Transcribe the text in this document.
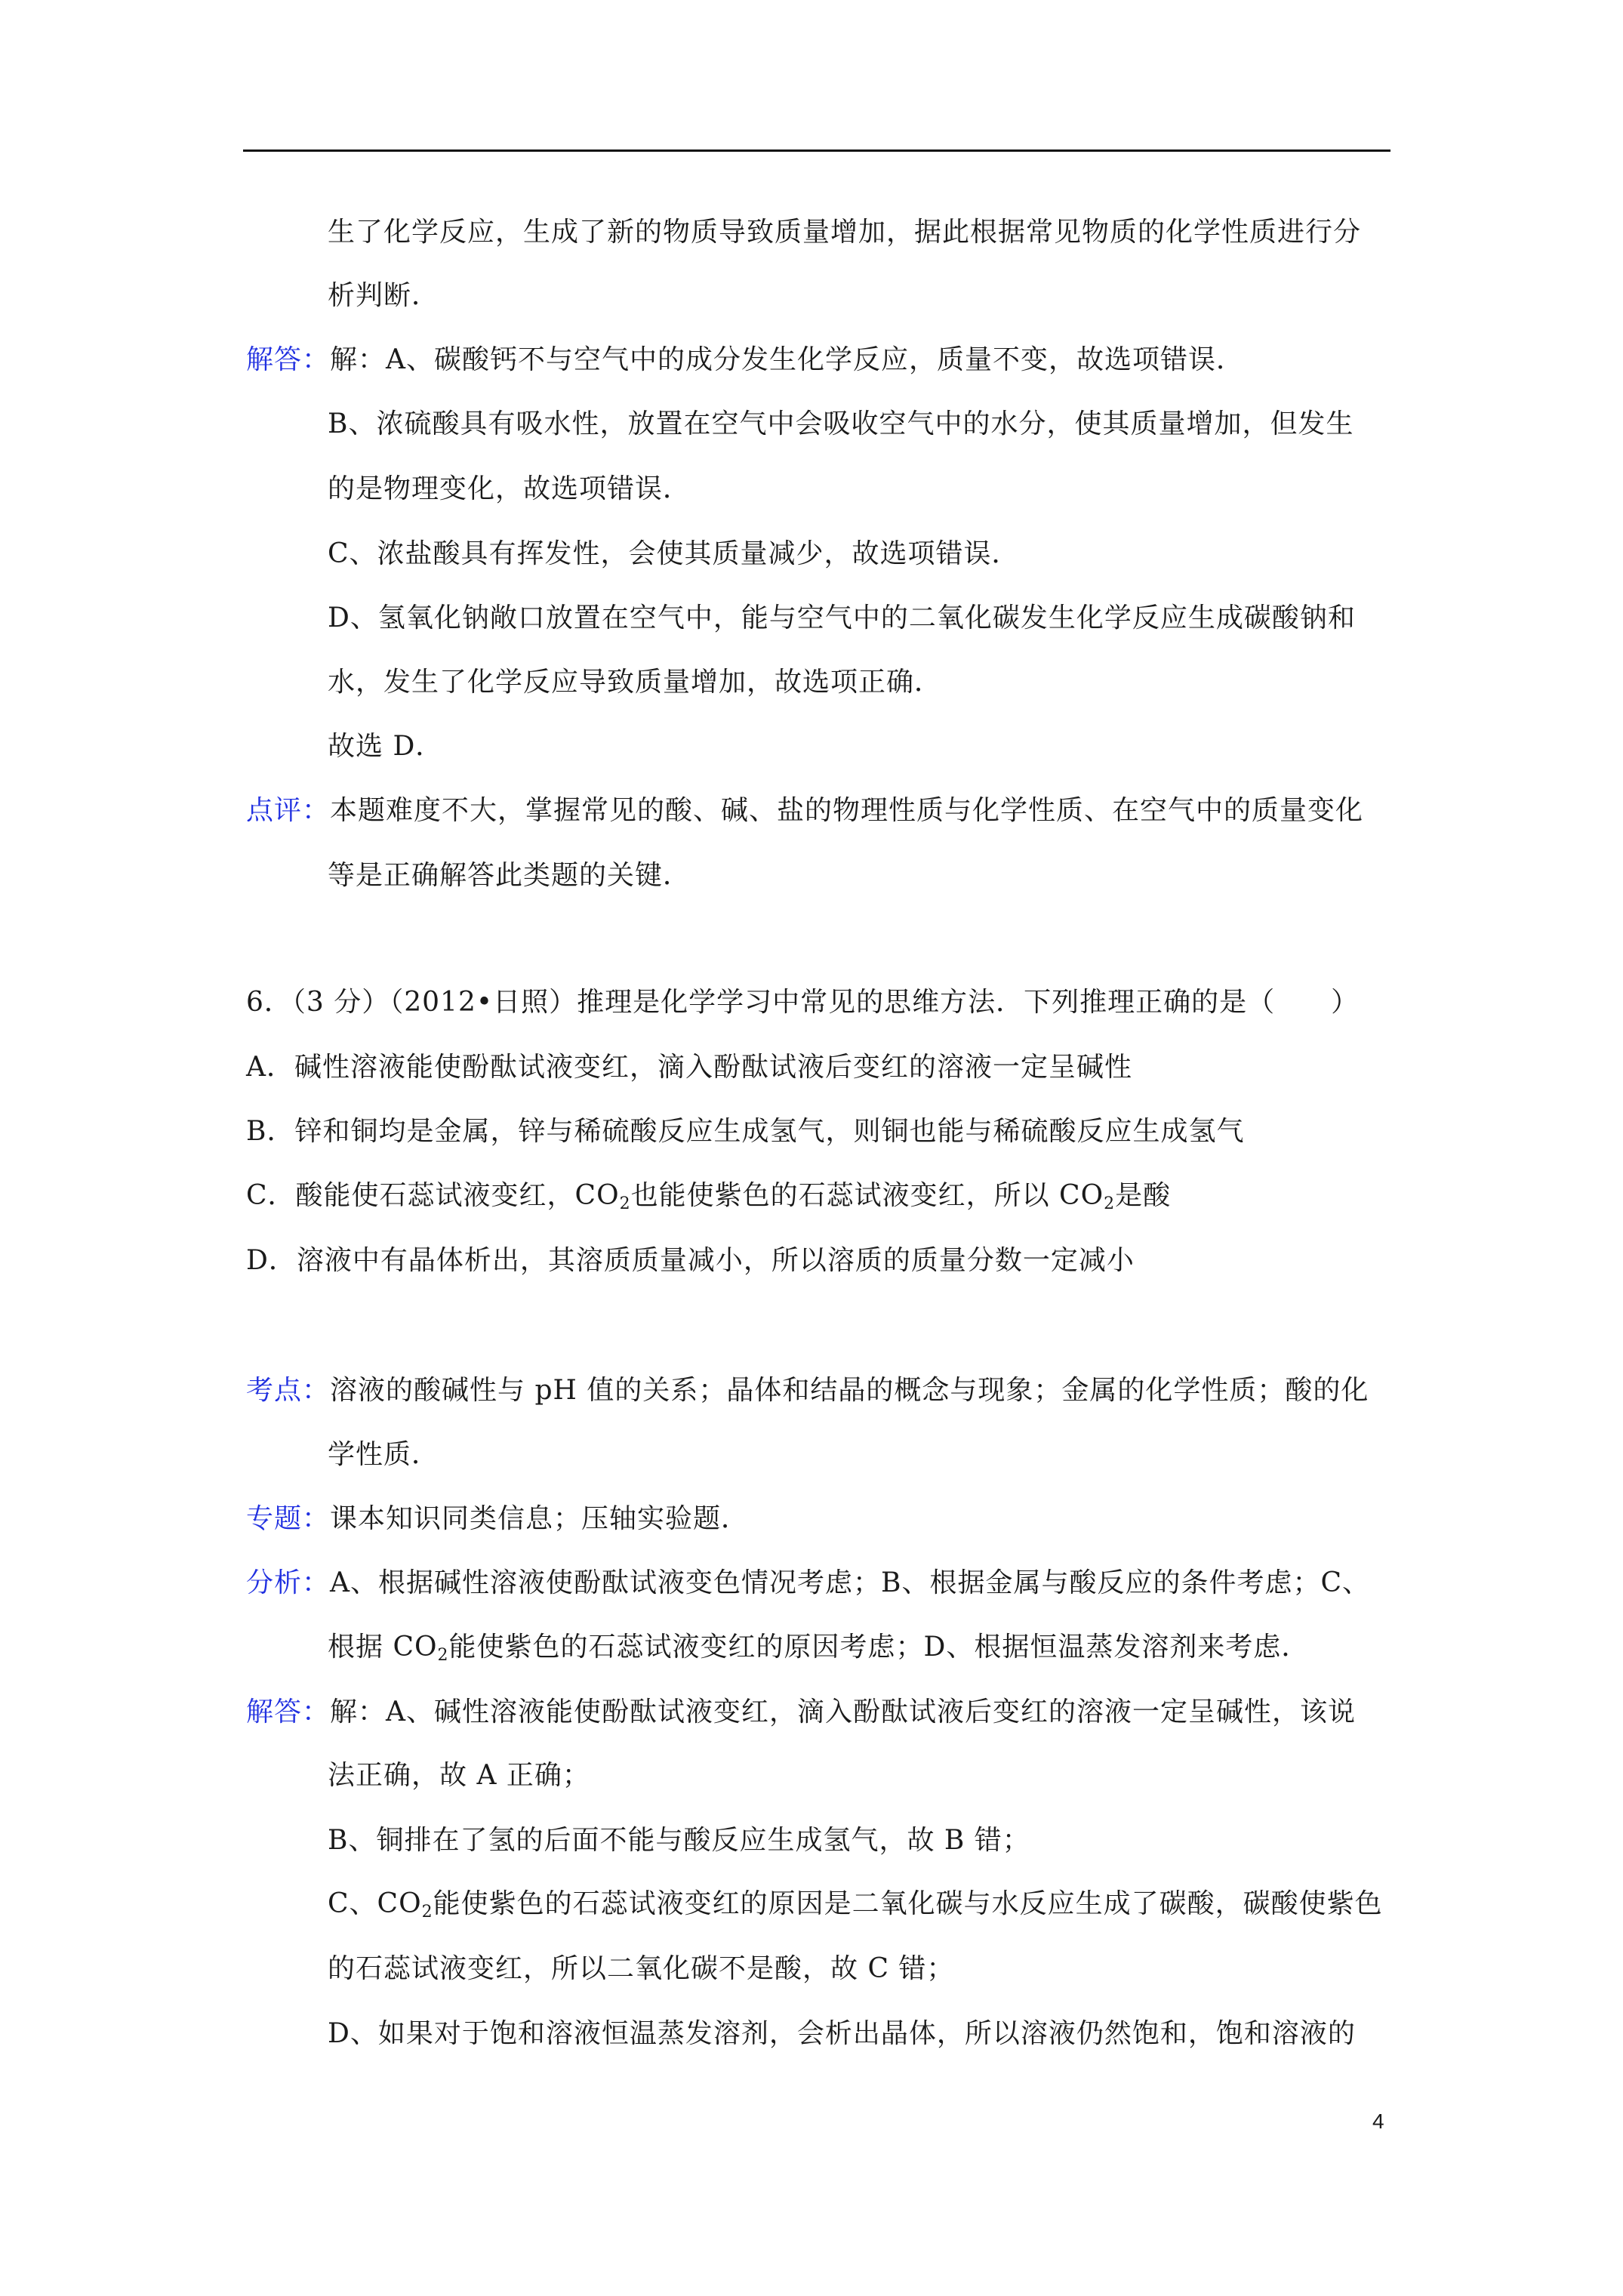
生了化学反应，生成了新的物质导致质量增加，据此根据常见物质的化学性质进行分
析判断．
解答：解：A、碳酸钙不与空气中的成分发生化学反应，质量不变，故选项错误．
B、浓硫酸具有吸水性，放置在空气中会吸收空气中的水分，使其质量增加，但发生
的是物理变化，故选项错误．
C、浓盐酸具有挥发性，会使其质量减少，故选项错误．
D、氢氧化钠敞口放置在空气中，能与空气中的二氧化碳发生化学反应生成碳酸钠和
水，发生了化学反应导致质量增加，故选项正确．
故选 D．
点评：本题难度不大，掌握常见的酸、碱、盐的物理性质与化学性质、在空气中的质量变化
等是正确解答此类题的关键．
6．（3 分）（2012•日照）推理是化学学习中常见的思维方法．下列推理正确的是（　　）
A．碱性溶液能使酚酞试液变红，滴入酚酞试液后变红的溶液一定呈碱性
B．锌和铜均是金属，锌与稀硫酸反应生成氢气，则铜也能与稀硫酸反应生成氢气
C．酸能使石蕊试液变红，$CO_2$也能使紫色的石蕊试液变红，所以 $CO_2$是酸
D．溶液中有晶体析出，其溶质质量减小，所以溶质的质量分数一定减小
考点：溶液的酸碱性与 pH 值的关系；晶体和结晶的概念与现象；金属的化学性质；酸的化
学性质．
专题：课本知识同类信息；压轴实验题．
分析：A、根据碱性溶液使酚酞试液变色情况考虑；B、根据金属与酸反应的条件考虑；C、
根据 $CO_2$能使紫色的石蕊试液变红的原因考虑；D、根据恒温蒸发溶剂来考虑．
解答：解：A、碱性溶液能使酚酞试液变红，滴入酚酞试液后变红的溶液一定呈碱性，该说
法正确，故 A 正确；
B、铜排在了氢的后面不能与酸反应生成氢气，故 B 错；
C、$CO_2$能使紫色的石蕊试液变红的原因是二氧化碳与水反应生成了碳酸，碳酸使紫色
的石蕊试液变红，所以二氧化碳不是酸，故 C 错；
D、如果对于饱和溶液恒温蒸发溶剂，会析出晶体，所以溶液仍然饱和，饱和溶液的
4
